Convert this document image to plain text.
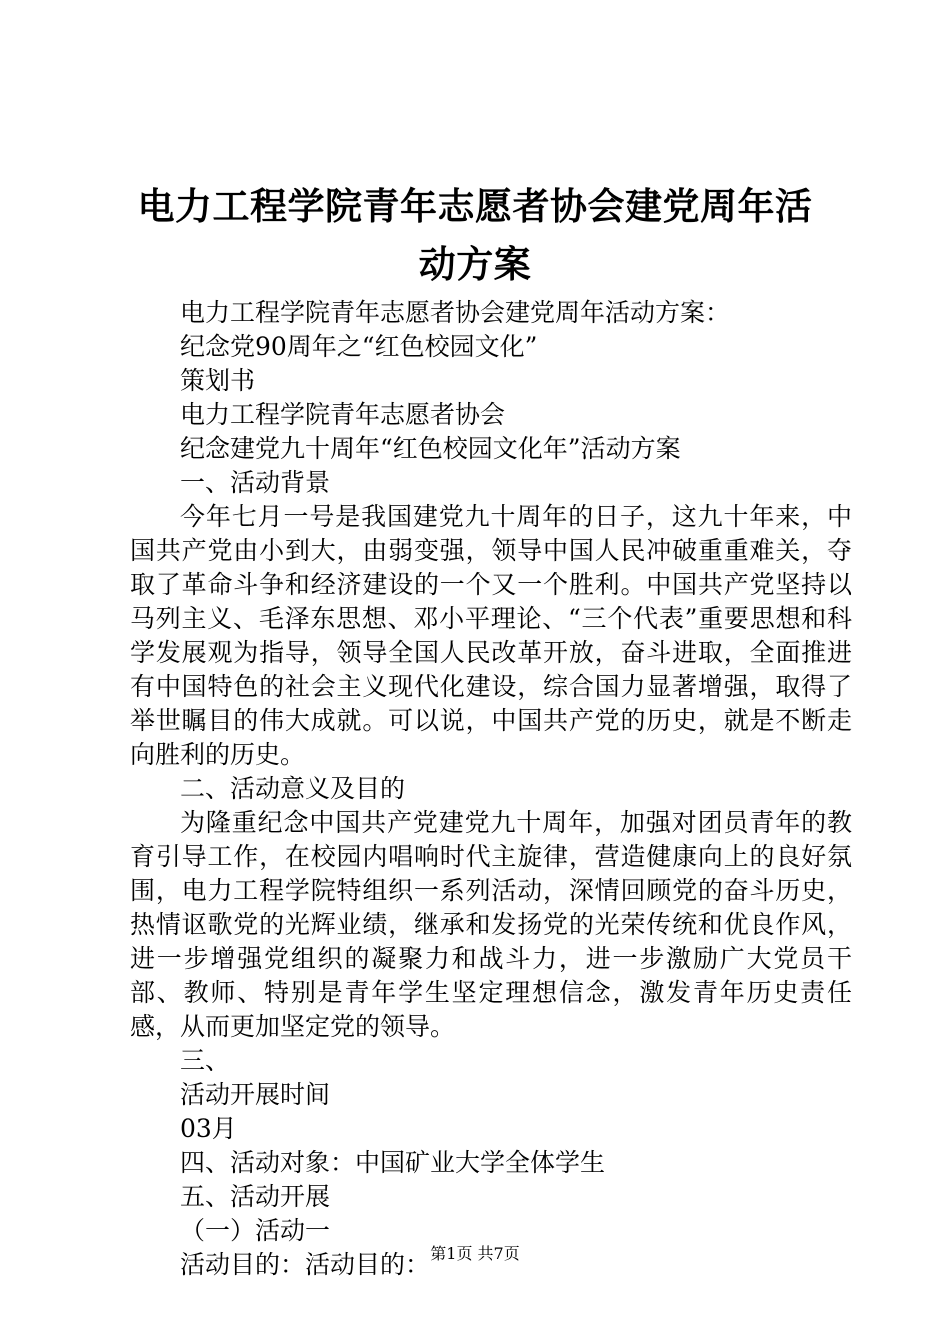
电力工程学院青年志愿者协会建党周年活动方案

电力工程学院青年志愿者协会建党周年活动方案：

纪念党90周年之“红色校园文化”

策划书

电力工程学院青年志愿者协会

纪念建党九十周年“红色校园文化年”活动方案

一、活动背景

今年七月一号是我国建党九十周年的日子，这九十年来，中国共产党由小到大，由弱变强，领导中国人民冲破重重难关，夺取了革命斗争和经济建设的一个又一个胜利。中国共产党坚持以马列主义、毛泽东思想、邓小平理论、“三个代表”重要思想和科学发展观为指导，领导全国人民改革开放，奋斗进取，全面推进有中国特色的社会主义现代化建设，综合国力显著增强，取得了举世瞩目的伟大成就。可以说，中国共产党的历史，就是不断走向胜利的历史。

二、活动意义及目的

为隆重纪念中国共产党建党九十周年，加强对团员青年的教育引导工作，在校园内唱响时代主旋律，营造健康向上的良好氛围，电力工程学院特组织一系列活动，深情回顾党的奋斗历史，热情讴歌党的光辉业绩，继承和发扬党的光荣传统和优良作风，进一步增强党组织的凝聚力和战斗力，进一步激励广大党员干部、教师、特别是青年学生坚定理想信念，激发青年历史责任感，从而更加坚定党的领导。

三、

活动开展时间

03月

四、活动对象：中国矿业大学全体学生

五、活动开展

（一）活动一

活动目的：活动目的： 第1页 共7页
